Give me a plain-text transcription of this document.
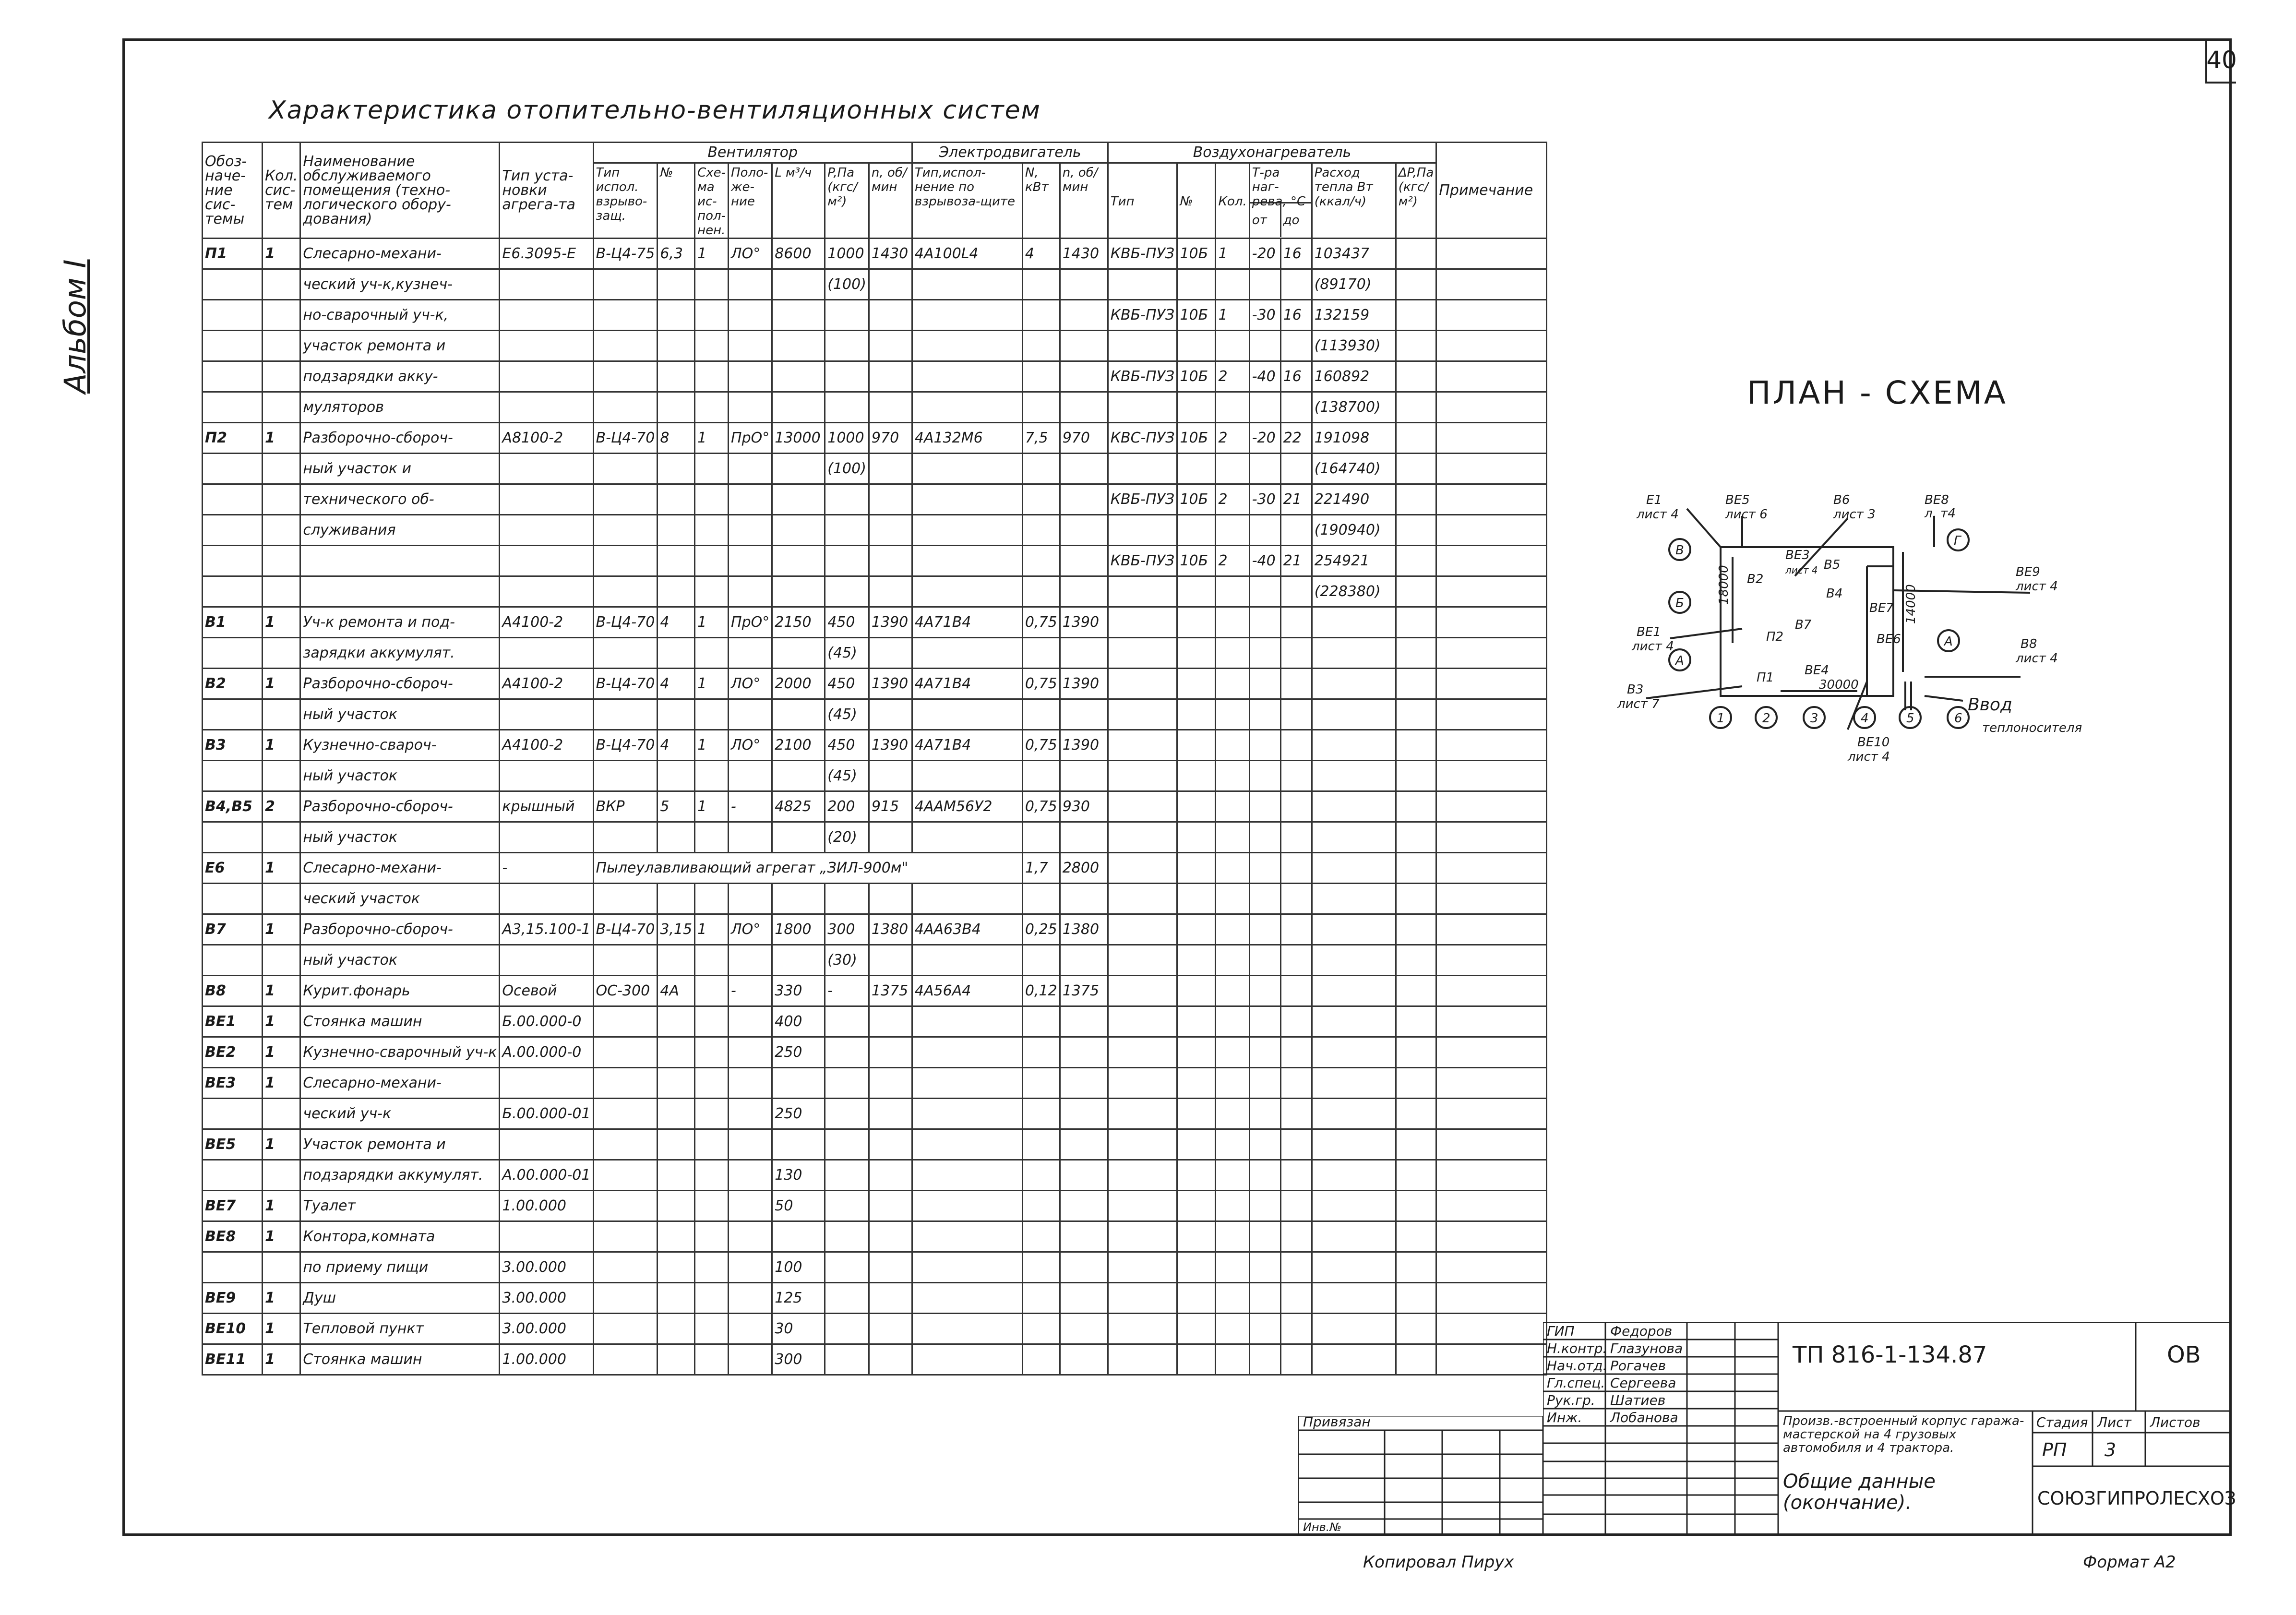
40
Альбом I
Характеристика отопительно-вентиляционных систем
Обоз-наче-ние сис-темы	Кол. сис-тем	Наименование обслуживаемого помещения (техно-логического обору-дования)	Тип уста-новки агрега-та	Вентилятор							Электродвигатель			Воздухонагреватель							Примечание
				Тип испол. взрыво-защ.	№	Схе-ма ис-пол-нен.	Поло-же-ние	L м³/ч	P,Па (кгс/м²)	n, об/мин	Тип,испол-нение по взрывоза-щите	N, кВт	n, об/мин	Тип	№	Кол.	Т-ра наг-рева, °С
от до		Расход тепла Вт (ккал/ч)	ΔP,Па (кгс/м²)	
П1	1	Слесарно-механи-	Е6.3095-Е	В-Ц4-75	6,3	1	ЛО°	8600	1000	1430	4А100L4	4	1430	КВБ-ПУЗ	10Б	1	-20	16	103437		
		ческий уч-к,кузнеч-							(100)										(89170)		
		но-сварочный уч-к,												КВБ-ПУЗ	10Б	1	-30	16	132159		
		участок ремонта и																	(113930)		
		подзарядки акку-												КВБ-ПУЗ	10Б	2	-40	16	160892		
		муляторов																	(138700)		
П2	1	Разборочно-сбороч-	А8100-2	В-Ц4-70	8	1	ПрО°	13000	1000	970	4А132М6	7,5	970	КВС-ПУЗ	10Б	2	-20	22	191098		
		ный участок и							(100)										(164740)		
		технического об-												КВБ-ПУЗ	10Б	2	-30	21	221490		
		служивания																	(190940)		
														КВБ-ПУЗ	10Б	2	-40	21	254921		
																			(228380)		
В1	1	Уч-к ремонта и под-	А4100-2	В-Ц4-70	4	1	ПрО°	2150	450	1390	4А71В4	0,75	1390								
		зарядки аккумулят.							(45)												
В2	1	Разборочно-сбороч-	А4100-2	В-Ц4-70	4	1	ЛО°	2000	450	1390	4А71В4	0,75	1390								
		ный участок							(45)												
В3	1	Кузнечно-свароч-	А4100-2	В-Ц4-70	4	1	ЛО°	2100	450	1390	4А71В4	0,75	1390								
		ный участок							(45)												
В4,В5	2	Разборочно-сбороч-	крышный	ВКР	5	1	-	4825	200	915	4ААМ56У2	0,75	930								
		ный участок							(20)												
Е6	1	Слесарно-механи-	-	Пылеулавливающий агрегат „ЗИЛ-900м"								1,7	2800								
		ческий участок																			
В7	1	Разборочно-сбороч-	А3,15.100-1	В-Ц4-70	3,15	1	ЛО°	1800	300	1380	4АА63В4	0,25	1380								
		ный участок							(30)												
В8	1	Курит.фонарь	Осевой	ОС-300	4А		-	330	-	1375	4А56А4	0,12	1375								
ВЕ1	1	Стоянка машин	Б.00.000-0					400													
ВЕ2	1	Кузнечно-сварочный уч-к	А.00.000-0					250													
ВЕ3	1	Слесарно-механи-																			
		ческий уч-к	Б.00.000-01					250													
ВЕ5	1	Участок ремонта и																			
		подзарядки аккумулят.	А.00.000-01					130													
ВЕ7	1	Туалет	1.00.000					50													
ВЕ8	1	Контора,комната																			
		по приему пищи	3.00.000					100													
ВЕ9	1	Душ	3.00.000					125													
ВЕ10	1	Тепловой пункт	3.00.000					30													
ВЕ11	1	Стоянка машин	1.00.000					300													
ПЛАН - СХЕМА
Е1
лист 4
ВЕ5
лист 6
В6
лист 3
ВЕ8
л. т4
ВЕ9
лист 4
ВЕ1
лист 4
В3
лист 7
В8
лист 4
ВЕ10
лист 4
ВЕ3
В5
В4
В2
В7
ВЕ7
ВЕ6
П2
П1 ВЕ4
лист 4
30000
Ввод
теплоносителя
В
Б
А
Г
А
1	2	3	4	5	6
18000	14000
Привязан
Инв.№
ГИП
Н.контр.
Нач.отд.
Гл.спец.
Рук.гр.
Инж.
Федоров
Глазунова
Рогачев
Сергеева
Шатиев
Лобанова
ТП 816-1-134.87	ОВ
Произв.-встроенный корпус гаража-мастерской на 4 грузовых автомобиля и 4 трактора.
Общие данные (окончание).
Стадия Лист Листов
РП 3
СОЮЗГИПРОЛЕСХОЗ
Копировал Пирух	Формат А2
